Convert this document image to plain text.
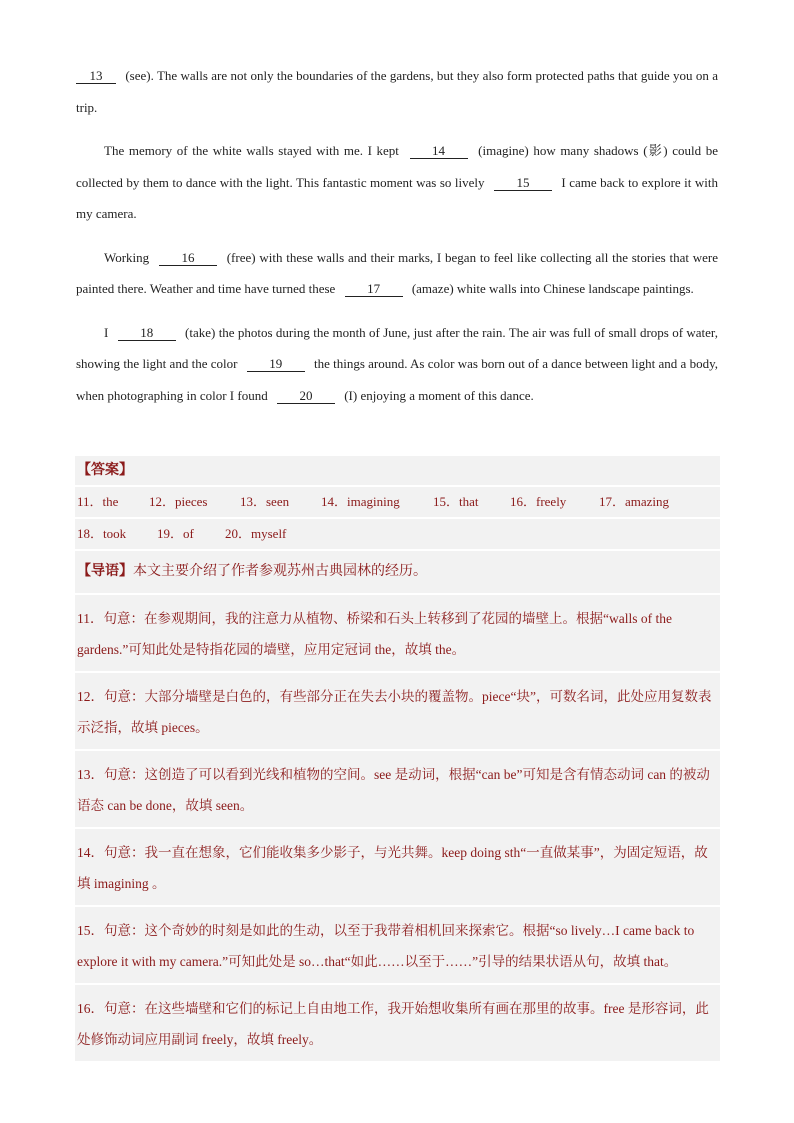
13 (see). The walls are not only the boundaries of the gardens, but they also form protected paths that guide you on a trip.

The memory of the white walls stayed with me. I kept 14 (imagine) how many shadows (影) could be collected by them to dance with the light. This fantastic moment was so lively 15 I came back to explore it with my camera.

Working 16 (free) with these walls and their marks, I began to feel like collecting all the stories that were painted there. Weather and time have turned these 17 (amaze) white walls into Chinese landscape paintings.

I 18 (take) the photos during the month of June, just after the rain. The air was full of small drops of water, showing the light and the color 19 the things around. As color was born out of a dance between light and a body, when photographing in color I found 20 (I) enjoying a moment of this dance.

【答案】
11．the 12．pieces	13．seen 14．imagining	15．that 16．freely	17．amazing
18．took 19．of 20．myself
【导语】本文主要介绍了作者参观苏州古典园林的经历。
11．句意：在参观期间，我的注意力从植物、桥梁和石头上转移到了花园的墙壁上。根据“walls of the gardens.”可知此处是特指花园的墙壁，应用定冠词 the，故填 the。
12．句意：大部分墙壁是白色的，有些部分正在失去小块的覆盖物。piece“块”，可数名词，此处应用复数表示泛指，故填 pieces。
13．句意：这创造了可以看到光线和植物的空间。see 是动词，根据“can be”可知是含有情态动词 can 的被动语态 can be done，故填 seen。
14．句意：我一直在想象，它们能收集多少影子，与光共舞。keep doing sth“一直做某事”，为固定短语，故填 imagining 。
15．句意：这个奇妙的时刻是如此的生动，以至于我带着相机回来探索它。根据“so lively…I came back to explore it with my camera.”可知此处是 so…that“如此……以至于……”引导的结果状语从句，故填 that。
16．句意：在这些墙壁和它们的标记上自由地工作，我开始想收集所有画在那里的故事。free 是形容词，此处修饰动词应用副词 freely，故填 freely。
